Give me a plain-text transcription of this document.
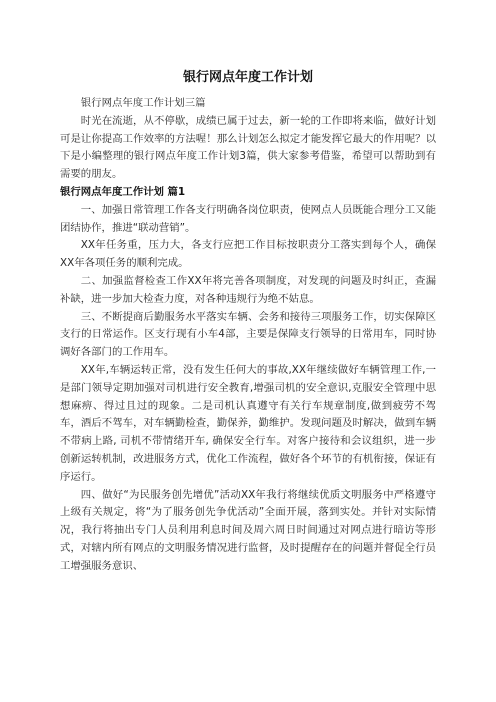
银行网点年度工作计划

银行网点年度工作计划三篇

时光在流逝，从不停歇，成绩已属于过去，新一轮的工作即将来临，做好计划可是让你提高工作效率的方法喔！那么计划怎么拟定才能发挥它最大的作用呢？以下是小编整理的银行网点年度工作计划3篇，供大家参考借鉴，希望可以帮助到有需要的朋友。

银行网点年度工作计划 篇1

一、加强日常管理工作各支行明确各岗位职责，使网点人员既能合理分工又能团结协作，推进“联动营销”。

XX年任务重，压力大，各支行应把工作目标按职责分工落实到每个人，确保XX年各项任务的顺利完成。

二、加强监督检查工作XX年将完善各项制度，对发现的问题及时纠正，查漏补缺，进一步加大检查力度，对各种违规行为绝不姑息。

三、不断提商后勤服务水平落实车辆、会务和接待三项服务工作，切实保障区支行的日常运作。区支行现有小车4部，主要是保障支行领导的日常用车，同时协调好各部门的工作用车。

XX年,车辆运转正常，没有发生任何大的事故,XX年继续做好车辆管理工作,一是部门领导定期加强对司机进行安全教育,增强司机的安全意识,克服安全管理中思想麻痹、得过且过的现象。二是司机认真遵守有关行车规章制度,做到疲劳不驾车，酒后不驾车，对车辆勤检查，勤保养，勤维护。发现问题及时解决，做到车辆不带病上路, 司机不带情绪开车, 确保安全行车。对客户接待和会议组织，进一步创新运转机制，改进服务方式，优化工作流程，做好各个环节的有机衔接，保证有序运行。

四、做好“为民服务创先增优”活动XX年我行将继续优质文明服务中严格遵守上级有关规定，将“为了服务创先争优活动”全面开展，落到实处。并针对实际情况，我行将抽出专门人员利用利息时间及周六周日时间通过对网点进行暗访等形式，对辖内所有网点的文明服务情况进行监督，及时提醒存在的问题并督促全行员工增强服务意识、
